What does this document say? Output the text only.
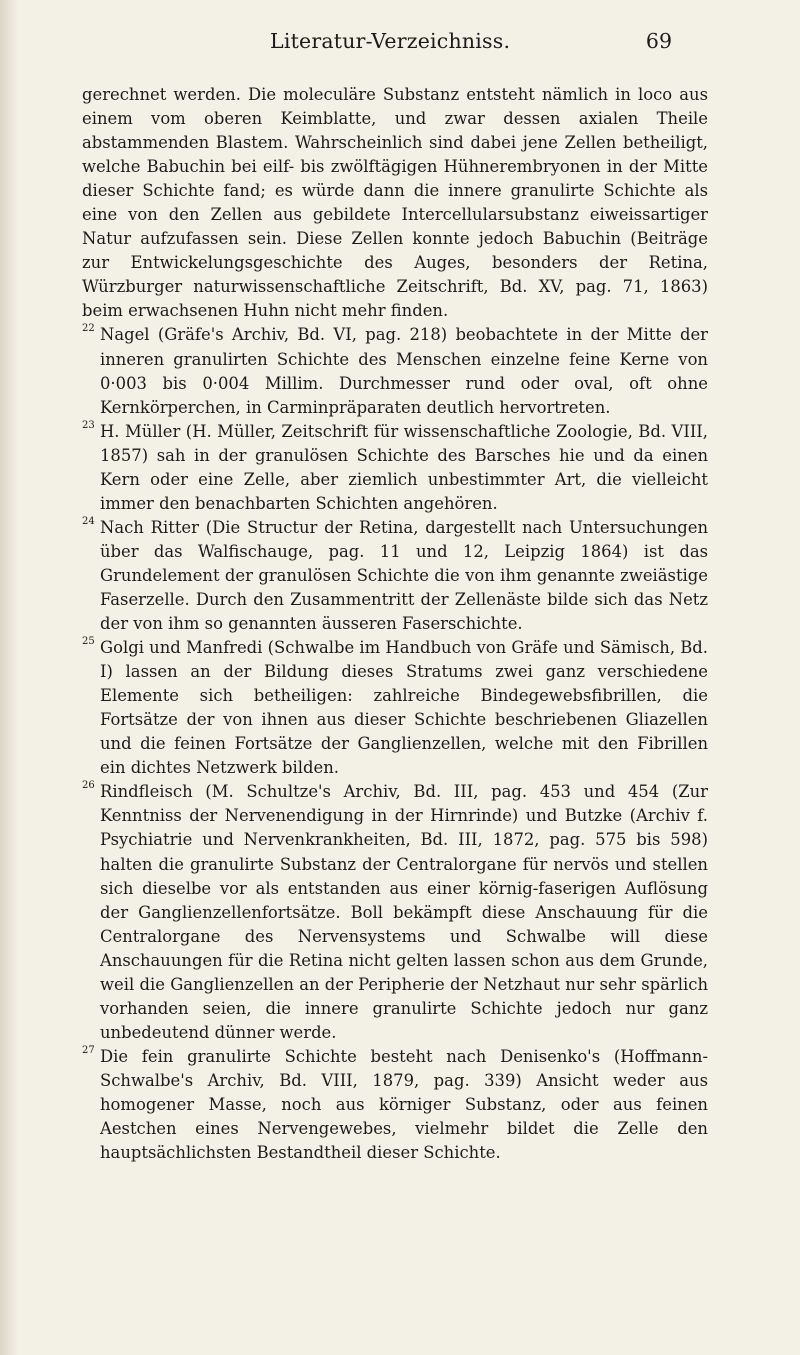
Literatur-Verzeichniss.	69

gerechnet werden. Die moleculäre Substanz entsteht nämlich in loco aus einem vom oberen Keimblatte, und zwar dessen axialen Theile abstammenden Blastem. Wahrscheinlich sind dabei jene Zellen betheiligt, welche Babuchin bei eilf- bis zwölftägigen Hühnerembryonen in der Mitte dieser Schichte fand; es würde dann die innere granulirte Schichte als eine von den Zellen aus gebildete Intercellularsubstanz eiweissartiger Natur aufzufassen sein. Diese Zellen konnte jedoch Babuchin (Beiträge zur Entwickelungsgeschichte des Auges, besonders der Retina, Würzburger naturwissenschaftliche Zeitschrift, Bd. XV, pag. 71, 1863) beim erwachsenen Huhn nicht mehr finden.

22 Nagel (Gräfe's Archiv, Bd. VI, pag. 218) beobachtete in der Mitte der inneren granulirten Schichte des Menschen einzelne feine Kerne von 0·003 bis 0·004 Millim. Durchmesser rund oder oval, oft ohne Kernkörperchen, in Carminpräparaten deutlich hervortreten.

23 H. Müller (H. Müller, Zeitschrift für wissenschaftliche Zoologie, Bd. VIII, 1857) sah in der granulösen Schichte des Barsches hie und da einen Kern oder eine Zelle, aber ziemlich unbestimmter Art, die vielleicht immer den benachbarten Schichten angehören.

24 Nach Ritter (Die Structur der Retina, dargestellt nach Untersuchungen über das Walfischauge, pag. 11 und 12, Leipzig 1864) ist das Grundelement der granulösen Schichte die von ihm genannte zweiästige Faserzelle. Durch den Zusammentritt der Zellenäste bilde sich das Netz der von ihm so genannten äusseren Faserschichte.

25 Golgi und Manfredi (Schwalbe im Handbuch von Gräfe und Sämisch, Bd. I) lassen an der Bildung dieses Stratums zwei ganz verschiedene Elemente sich betheiligen: zahlreiche Bindegewebsfibrillen, die Fortsätze der von ihnen aus dieser Schichte beschriebenen Gliazellen und die feinen Fortsätze der Ganglienzellen, welche mit den Fibrillen ein dichtes Netzwerk bilden.

26 Rindfleisch (M. Schultze's Archiv, Bd. III, pag. 453 und 454 (Zur Kenntniss der Nervenendigung in der Hirnrinde) und Butzke (Archiv f. Psychiatrie und Nervenkrankheiten, Bd. III, 1872, pag. 575 bis 598) halten die granulirte Substanz der Centralorgane für nervös und stellen sich dieselbe vor als entstanden aus einer körnig-faserigen Auflösung der Ganglienzellenfortsätze. Boll bekämpft diese Anschauung für die Centralorgane des Nervensystems und Schwalbe will diese Anschauungen für die Retina nicht gelten lassen schon aus dem Grunde, weil die Ganglienzellen an der Peripherie der Netzhaut nur sehr spärlich vorhanden seien, die innere granulirte Schichte jedoch nur ganz unbedeutend dünner werde.

27 Die fein granulirte Schichte besteht nach Denisenko's (Hoffmann-Schwalbe's Archiv, Bd. VIII, 1879, pag. 339) Ansicht weder aus homogener Masse, noch aus körniger Substanz, oder aus feinen Aestchen eines Nervengewebes, vielmehr bildet die Zelle den hauptsächlichsten Bestandtheil dieser Schichte.
